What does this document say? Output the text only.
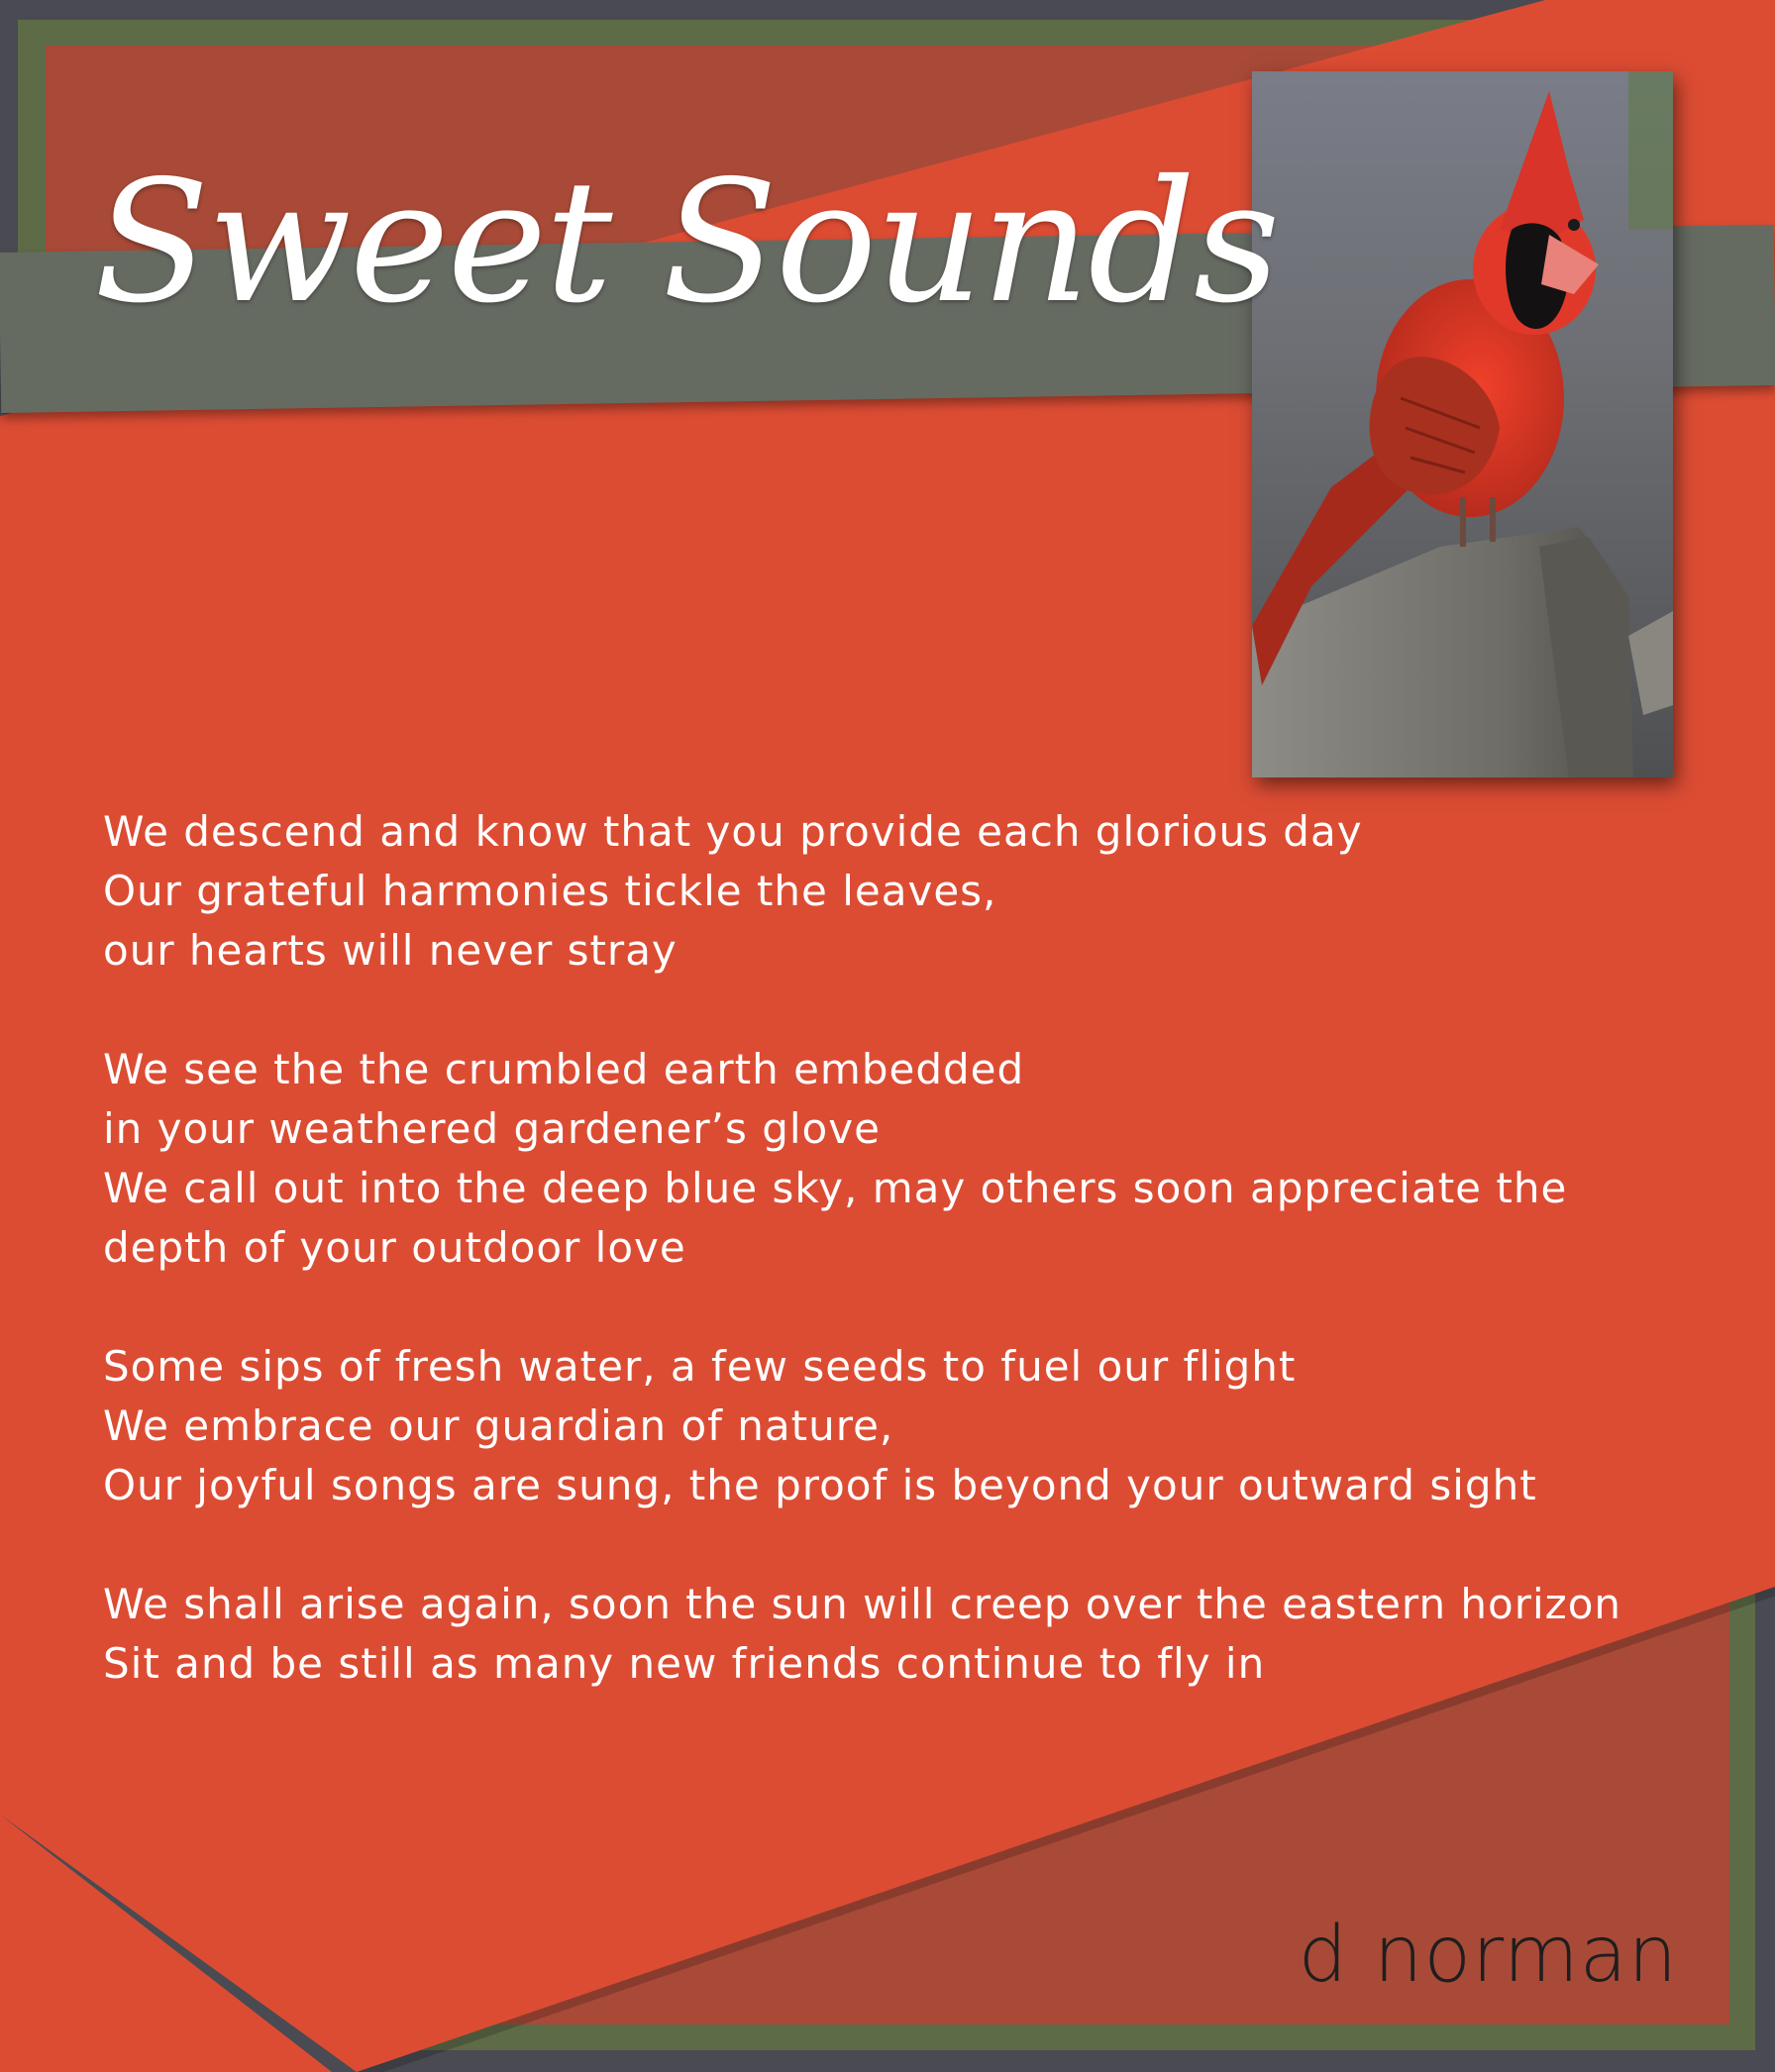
Sweet Sounds
We descend and know that you provide each glorious day
Our grateful harmonies tickle the leaves,
our hearts will never stray
We see the the crumbled earth embedded
in your weathered gardener’s glove
We call out into the deep blue sky, may others soon appreciate the
depth of your outdoor love
Some sips of fresh water, a few seeds to fuel our flight
We embrace our guardian of nature,
Our joyful songs are sung, the proof is beyond your outward sight
We shall arise again, soon the sun will creep over the eastern horizon
Sit and be still as many new friends continue to fly in

d norman
